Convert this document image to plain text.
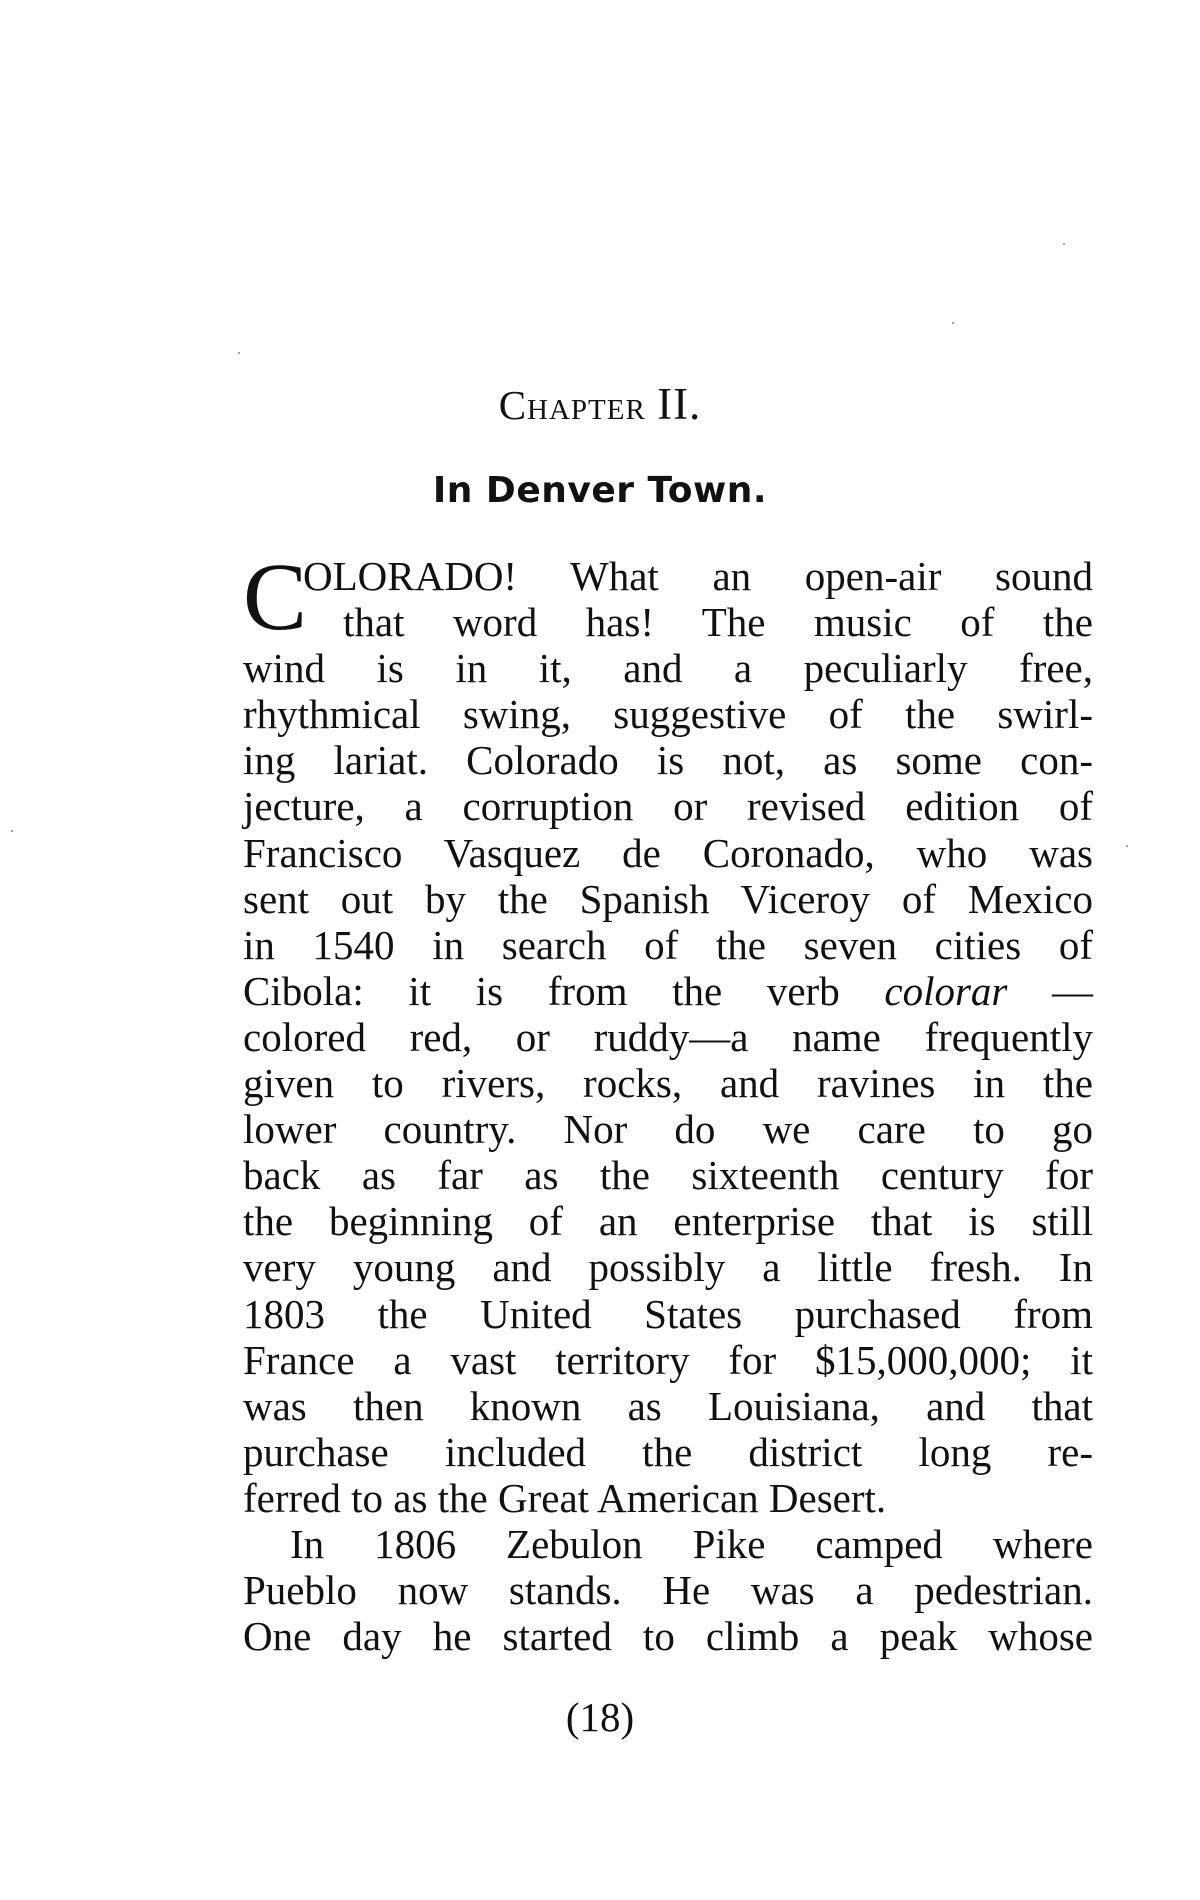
Chapter II.
In Denver Town.
C
OLORADO! What an open-air sound
that word has! The music of the
wind is in it, and a peculiarly free,
rhythmical swing, suggestive of the swirl-
ing lariat. Colorado is not, as some con-
jecture, a corruption or revised edition of
Francisco Vasquez de Coronado, who was
sent out by the Spanish Viceroy of Mexico
in 1540 in search of the seven cities of
Cibola: it is from the verb colorar —
colored red, or ruddy—a name frequently
given to rivers, rocks, and ravines in the
lower country. Nor do we care to go
back as far as the sixteenth century for
the beginning of an enterprise that is still
very young and possibly a little fresh. In
1803 the United States purchased from
France a vast territory for $15,000,000; it
was then known as Louisiana, and that
purchase included the district long re-
ferred to as the Great American Desert.
In 1806 Zebulon Pike camped where
Pueblo now stands. He was a pedestrian.
One day he started to climb a peak whose
(18)
